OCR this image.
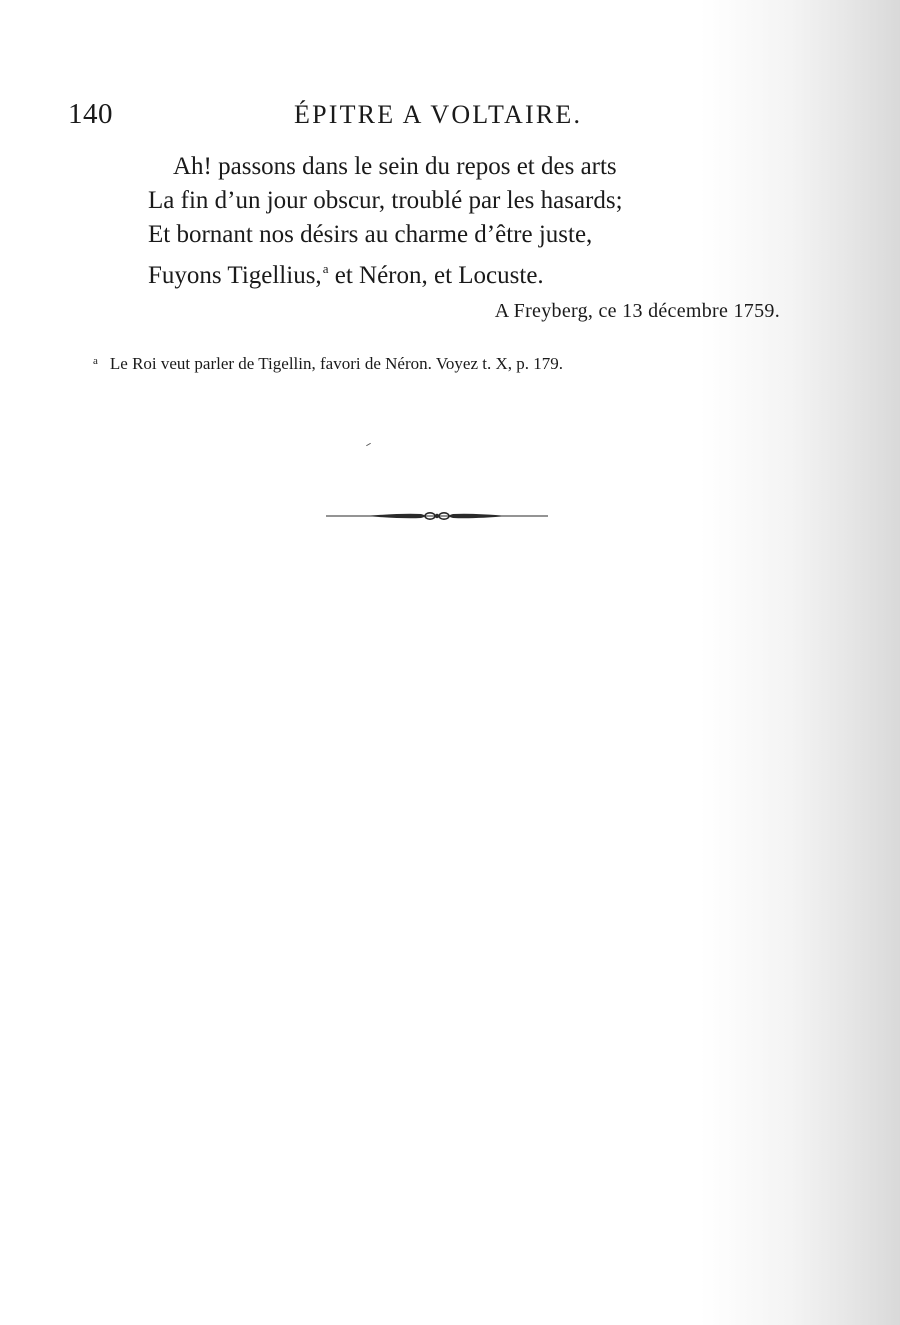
140	ÉPITRE A VOLTAIRE.
Ah! passons dans le sein du repos et des arts
La fin d’un jour obscur, troublé par les hasards;
Et bornant nos désirs au charme d’être juste,
Fuyons Tigellius,$^a$ et Néron, et Locuste.
A Freyberg, ce 13 décembre 1759.
$^a$ Le Roi veut parler de Tigellin, favori de Néron. Voyez t. X, p. 179.
